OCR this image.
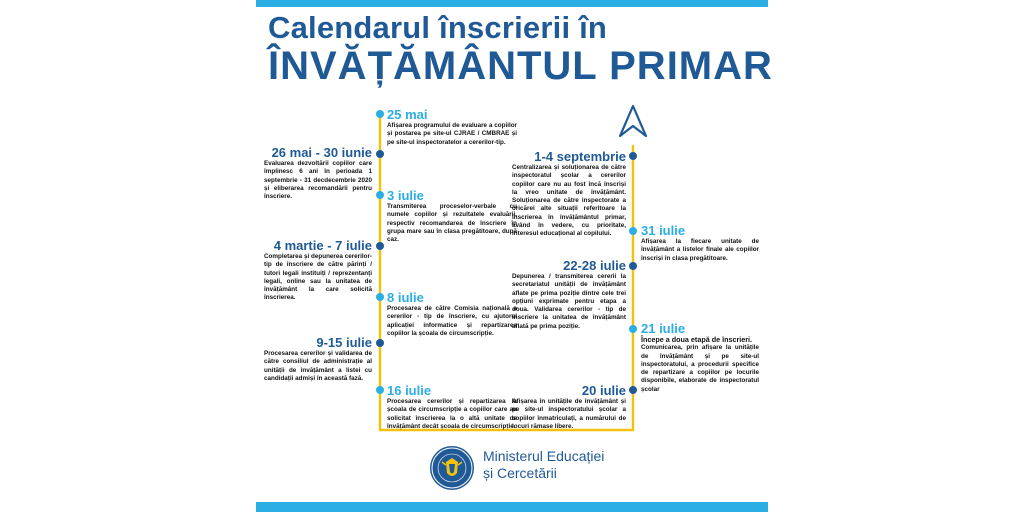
Calendarul înscrierii în
ÎNVĂȚĂMÂNTUL PRIMAR
25 mai
Afișarea programului de evaluare a copiilor și postarea pe site-ul CJRAE / CMBRAE și pe site-ul inspectoratelor a cererilor-tip.
26 mai - 30 iunie
Evaluarea dezvoltării copiilor care împlinesc 6 ani în perioada 1 septembrie - 31 decdecembrie 2020 și eliberarea recomandării pentru înscriere.	3 iulie
Transmiterea proceselor-verbale cu numele copiilor și rezultatele evaluării, respectiv recomandarea de înscriere în grupa mare sau în clasa pregătitoare, după caz.
4 martie - 7 iulie
Completarea și depunerea cererilor-tip de înscriere de către părinți / tutori legali instituiți / reprezentanți legali, online sau la unitatea de învățământ la care solicită înscrierea.	8 iulie
Procesarea de către Comisia națională a cererilor - tip de înscriere, cu ajutorul aplicației informatice și repartizarea copiilor la școala de circumscripție.
9-15 iulie
Procesarea cererilor și validarea de către consiliul de administrație al unității de învățământ a listei cu candidații admiși în această fază.
16 iulie
Procesarea cererilor și repartizarea la școala de circumscripție a copiilor care au solicitat înscrierea la o altă unitate de învățământ decât școala de circumscripție.
20 iulie
Afișarea în unitățile de învățământ și pe site-ul inspectoratului școlar a copiilor înmatriculați, a numărului de locuri rămase libere.
21 iulie
Începe a doua etapă de înscrieri.
Comunicarea, prin afișare la unitățile de învățământ și pe site-ul inspectoratului, a procedurii specifice de repartizare a copiilor pe locurile disponibile, elaborate de inspectoratul școlar
22-28 iulie
Depunerea / transmiterea cererii la secretariatul unității de învățământ aflate pe prima poziție dintre cele trei opțiuni exprimate pentru etapa a doua. Validarea cererilor - tip de înscriere la unitatea de învățământ aflată pe prima poziție.
31 iulie
Afișarea la fiecare unitate de învățământ a listelor finale ale copiilor înscriși în clasa pregătitoare.
1-4 septembrie
Centralizarea și soluționarea de către inspectoratul școlar a cererilor copiilor care nu au fost încă înscriși la vreo unitate de învățământ. Soluționarea de către inspectorate a oricărei alte situații referitoare la înscrierea în învățământul primar, având în vedere, cu prioritate, interesul educațional al copilului.
Ministerul Educației
și Cercetării
